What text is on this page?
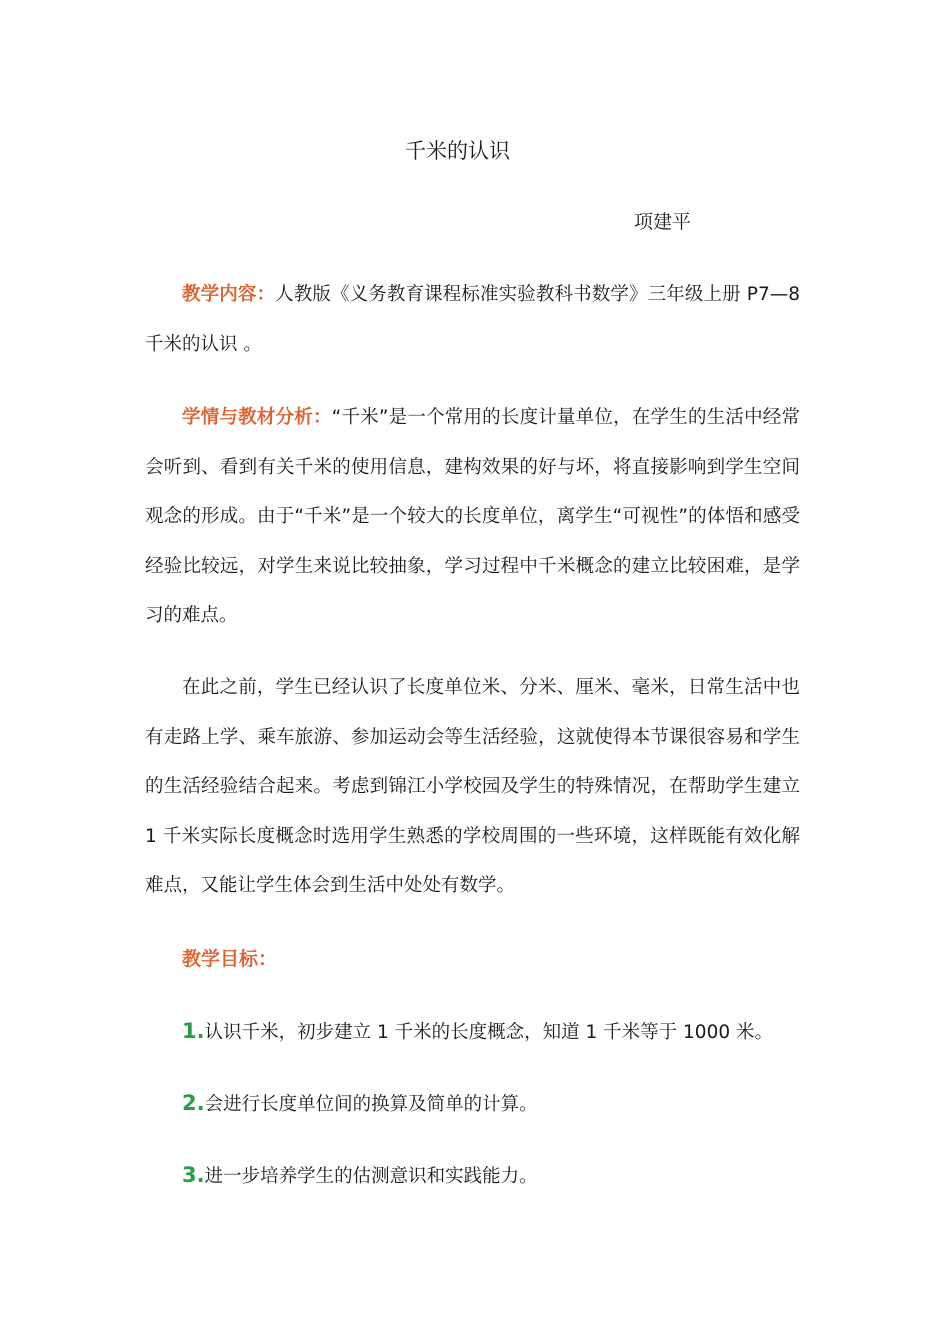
千米的认识
项建平

教学内容：人教版《义务教育课程标准实验教科书数学》三年级上册 P7—8 千米的认识 。

学情与教材分析：“千米”是一个常用的长度计量单位，在学生的生活中经常会听到、看到有关千米的使用信息，建构效果的好与坏，将直接影响到学生空间观念的形成。由于“千米”是一个较大的长度单位，离学生“可视性”的体悟和感受经验比较远，对学生来说比较抽象，学习过程中千米概念的建立比较困难，是学习的难点。

在此之前，学生已经认识了长度单位米、分米、厘米、毫米，日常生活中也有走路上学、乘车旅游、参加运动会等生活经验，这就使得本节课很容易和学生的生活经验结合起来。考虑到锦江小学校园及学生的特殊情况，在帮助学生建立 1 千米实际长度概念时选用学生熟悉的学校周围的一些环境，这样既能有效化解难点，又能让学生体会到生活中处处有数学。

教学目标：
1.认识千米，初步建立 1 千米的长度概念，知道 1 千米等于 1000 米。
2.会进行长度单位间的换算及简单的计算。
3.进一步培养学生的估测意识和实践能力。
